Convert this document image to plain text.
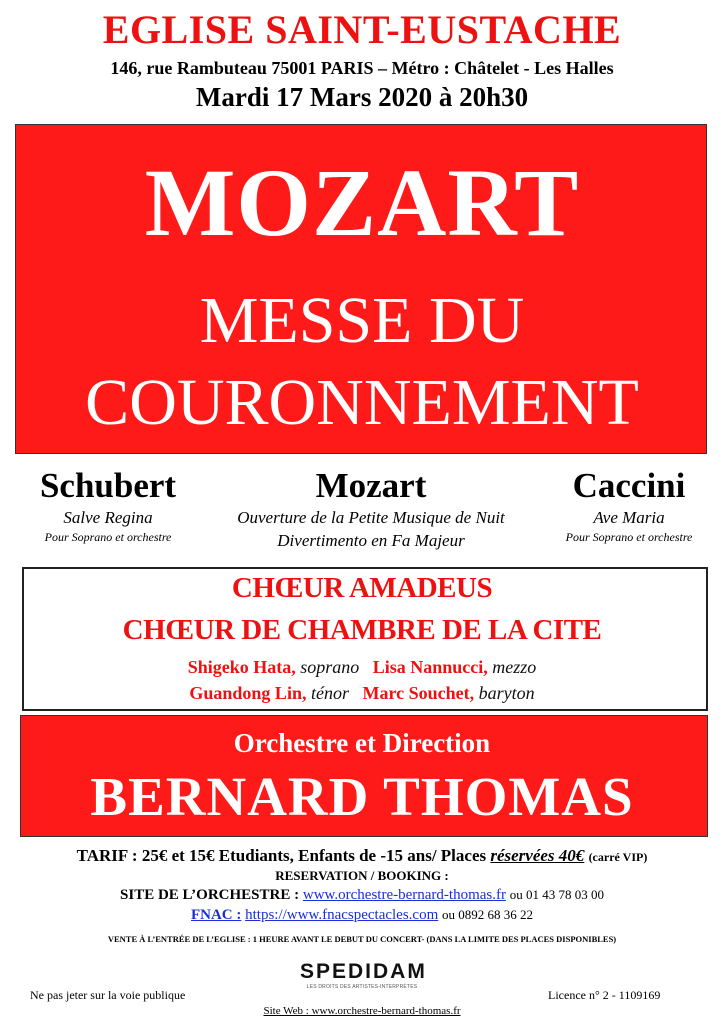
EGLISE SAINT-EUSTACHE
146, rue Rambuteau 75001 PARIS – Métro : Châtelet - Les Halles
Mardi 17 Mars 2020 à 20h30
MOZART
MESSE DU
COURONNEMENT
Schubert
Salve Regina
Pour Soprano et orchestre
Mozart
Ouverture de la Petite Musique de Nuit
Divertimento en Fa Majeur
Caccini
Ave Maria
Pour Soprano et orchestre
CHŒUR AMADEUS
CHŒUR DE CHAMBRE DE LA CITE
Shigeko Hata, soprano Lisa Nannucci, mezzo
Guandong Lin, ténor Marc Souchet, baryton
Orchestre et Direction
BERNARD THOMAS
TARIF : 25€ et 15€ Etudiants, Enfants de -15 ans/ Places réservées 40€ (carré VIP)
RESERVATION / BOOKING :
SITE DE L’ORCHESTRE : www.orchestre-bernard-thomas.fr ou 01 43 78 03 00
FNAC : https://www.fnacspectacles.com ou 0892 68 36 22
VENTE À L’ENTRÉE DE L’EGLISE : 1 HEURE AVANT LE DEBUT DU CONCERT- (DANS LA LIMITE DES PLACES DISPONIBLES)
SPEDIDAM
LES DROITS DES ARTISTES-INTERPRÈTES
Ne pas jeter sur la voie publique	Licence n° 2 - 1109169
Site Web : www.orchestre-bernard-thomas.fr
